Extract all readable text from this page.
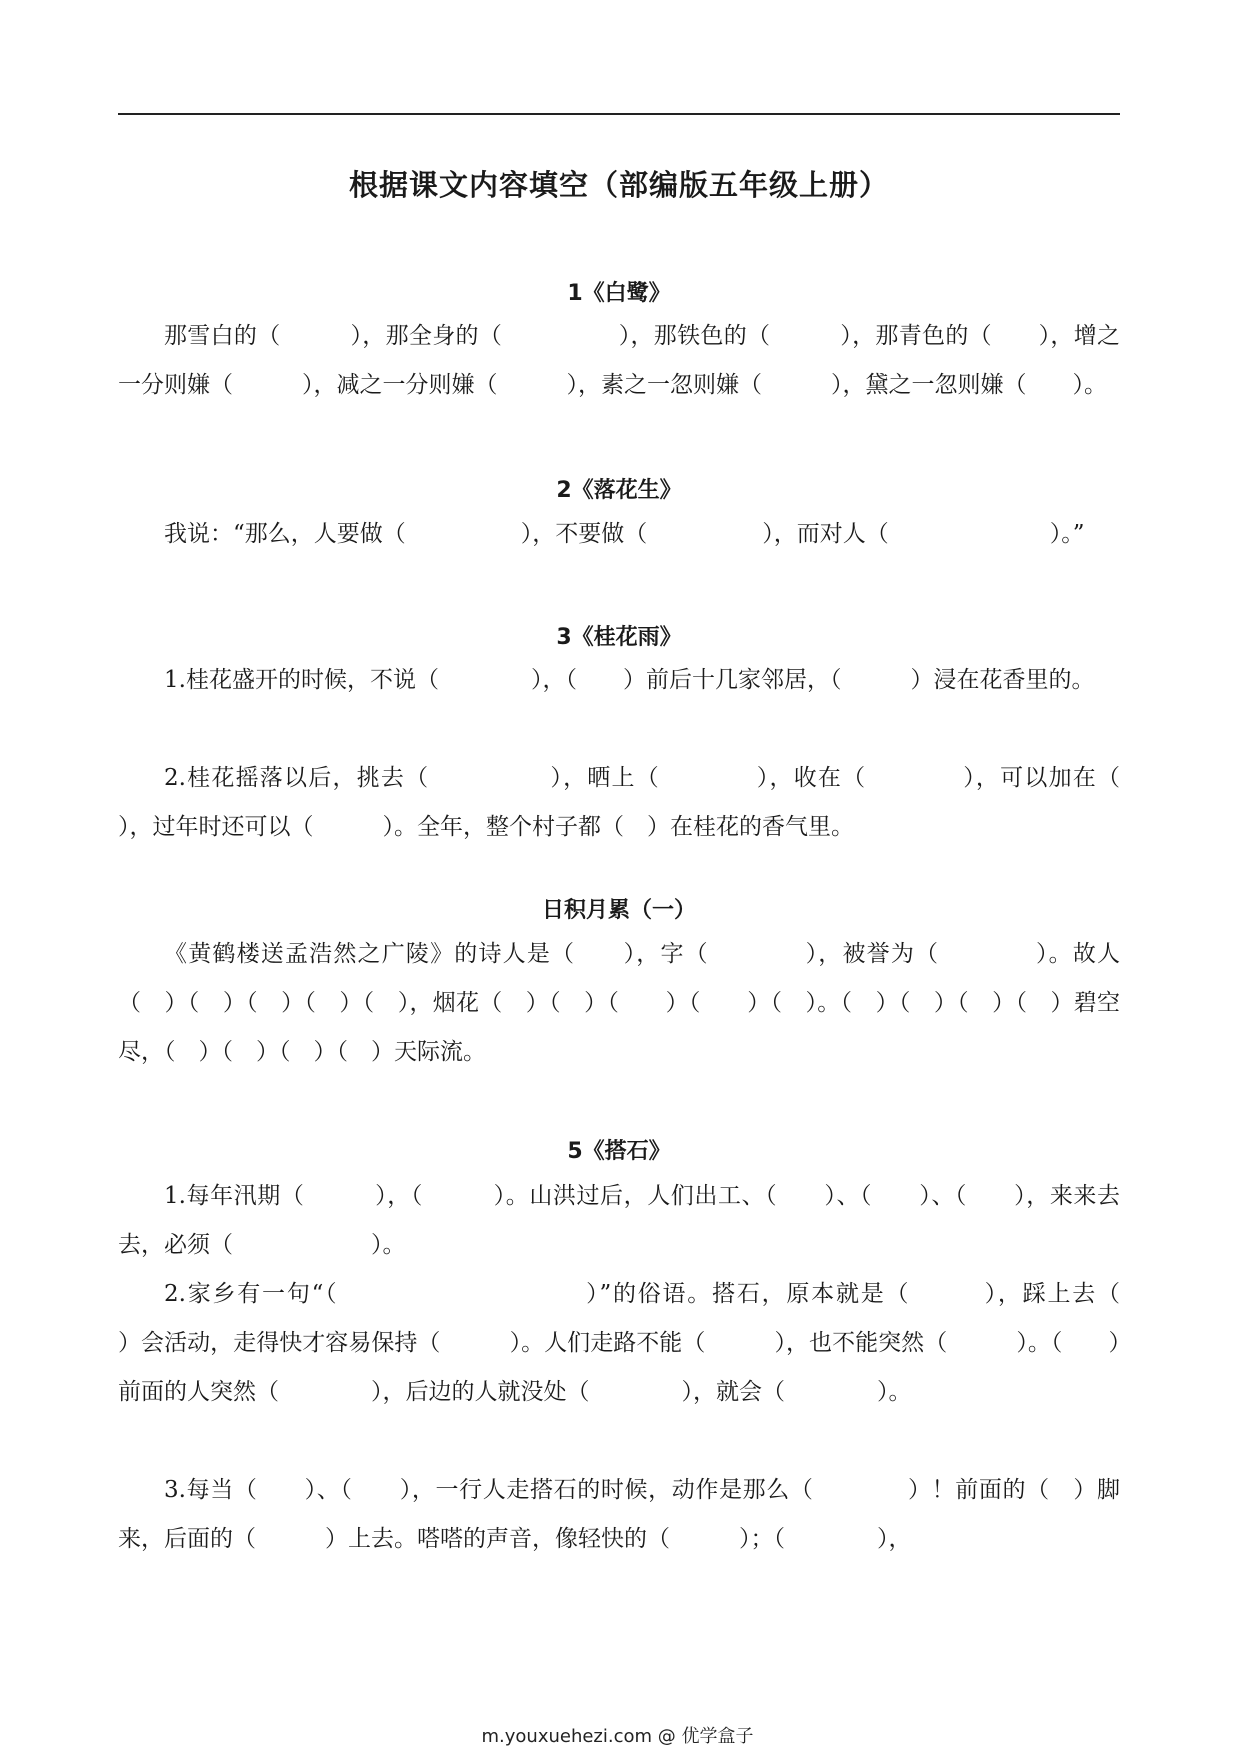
根据课文内容填空（部编版五年级上册）
1《白鹭》
那雪白的（　　　），那全身的（　　　　　），那铁色的（　　　），那青色的（　　），增之一分则嫌（　　　），减之一分则嫌（　　　），素之一忽则嫌（　　　），黛之一忽则嫌（　　）。
2《落花生》
我说：“那么，人要做（　　　　　），不要做（　　　　　），而对人（　　　　　　　）。”
3《桂花雨》
1.桂花盛开的时候，不说（　　　　），（　　）前后十几家邻居，（　　　）浸在花香里的。
2.桂花摇落以后，挑去（　　　　　），晒上（　　　　），收在（　　　　），可以加在（　　　　），过年时还可以（　　　）。全年，整个村子都（　）在桂花的香气里。
日积月累（一）
《黄鹤楼送孟浩然之广陵》的诗人是（　　），字（　　　　），被誉为（　　　　）。故人（　）（　）（　）（　）（　），烟花（　）（　）（　　）（　　）（　）。（　）（　）（　）（　）碧空尽，（　）（　）（　）（　）天际流。
5《搭石》
1.每年汛期（　　　），（　　　）。山洪过后，人们出工、（　　）、（　　）、（　　），来来去去，必须（　　　　　　）。
2.家乡有一句“（　　　　　　　　　　）”的俗语。搭石，原本就是（　　　），踩上去（　　　）会活动，走得快才容易保持（　　　）。人们走路不能（　　　），也不能突然（　　　）。（　　）前面的人突然（　　　　），后边的人就没处（　　　　），就会（　　　　）。
3.每当（　　）、（　　），一行人走搭石的时候，动作是那么（　　　　）！前面的（　）脚来，后面的（　　　）上去。嗒嗒的声音，像轻快的（　　　）；（　　　　），
m.youxuehezi.com @ 优学盒子
